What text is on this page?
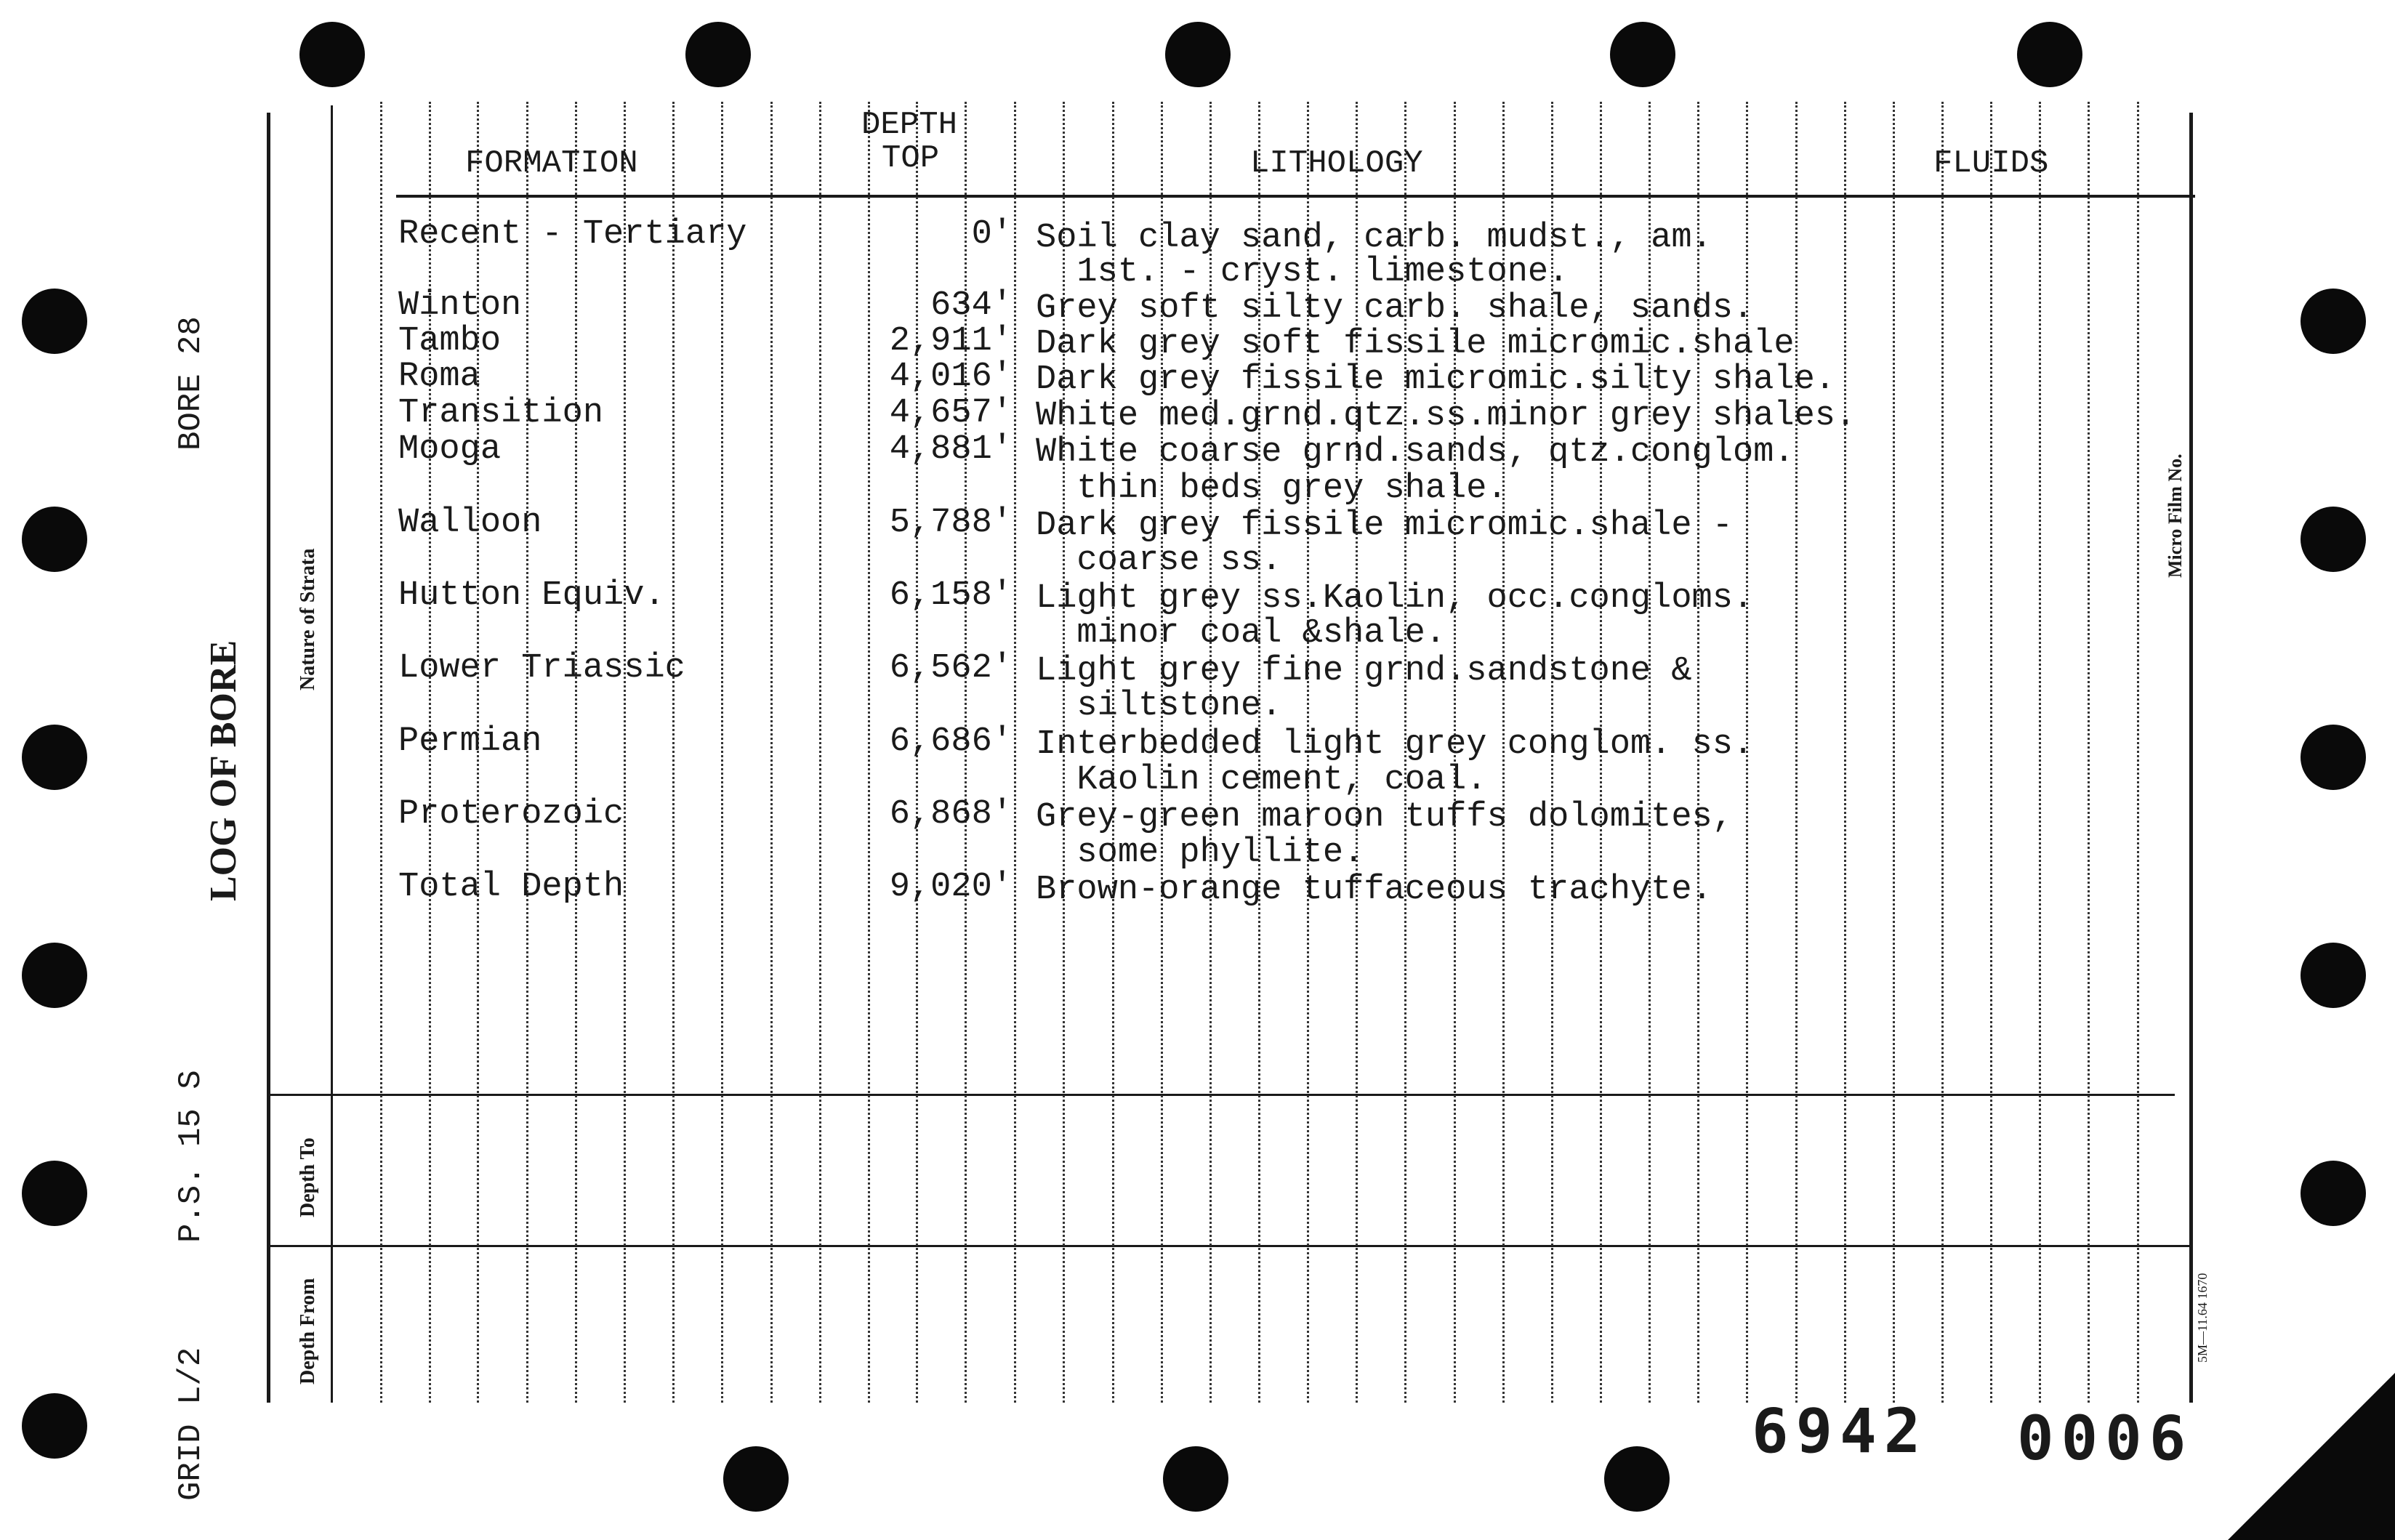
BORE 28
LOG OF BORE
P.S. 15 S
GRID L/2
Nature of Strata
Depth To
Depth From
Micro Film No.
5M—11.64 1670
FORMATION
DEPTH
TOP	LITHOLOGY	FLUIDS
Recent - Tertiary	0' Soil clay sand, carb. mudst., am.
1st. - cryst. limestone.
Winton	634' Grey soft silty carb. shale, sands.
Tambo	2,911' Dark grey soft fissile micromic.shale
Roma	4,016' Dark grey fissile micromic.silty shale.
Transition	4,657' White med.grnd.qtz.ss.minor grey shales.
Mooga	4,881' White coarse grnd.sands, qtz.conglom.
thin beds grey shale.
Walloon	5,788' Dark grey fissile micromic.shale -
coarse ss.
Hutton Equiv.	6,158' Light grey ss.Kaolin, occ.congloms.
minor coal &shale.
Lower Triassic	6,562' Light grey fine grnd.sandstone &
siltstone.
Permian	6,686' Interbedded light grey conglom. ss.
Kaolin cement, coal.
Proterozoic	6,868' Grey-green maroon tuffs dolomites,
some phyllite.
Total Depth	9,020' Brown-orange tuffaceous trachyte.
6942 0006
